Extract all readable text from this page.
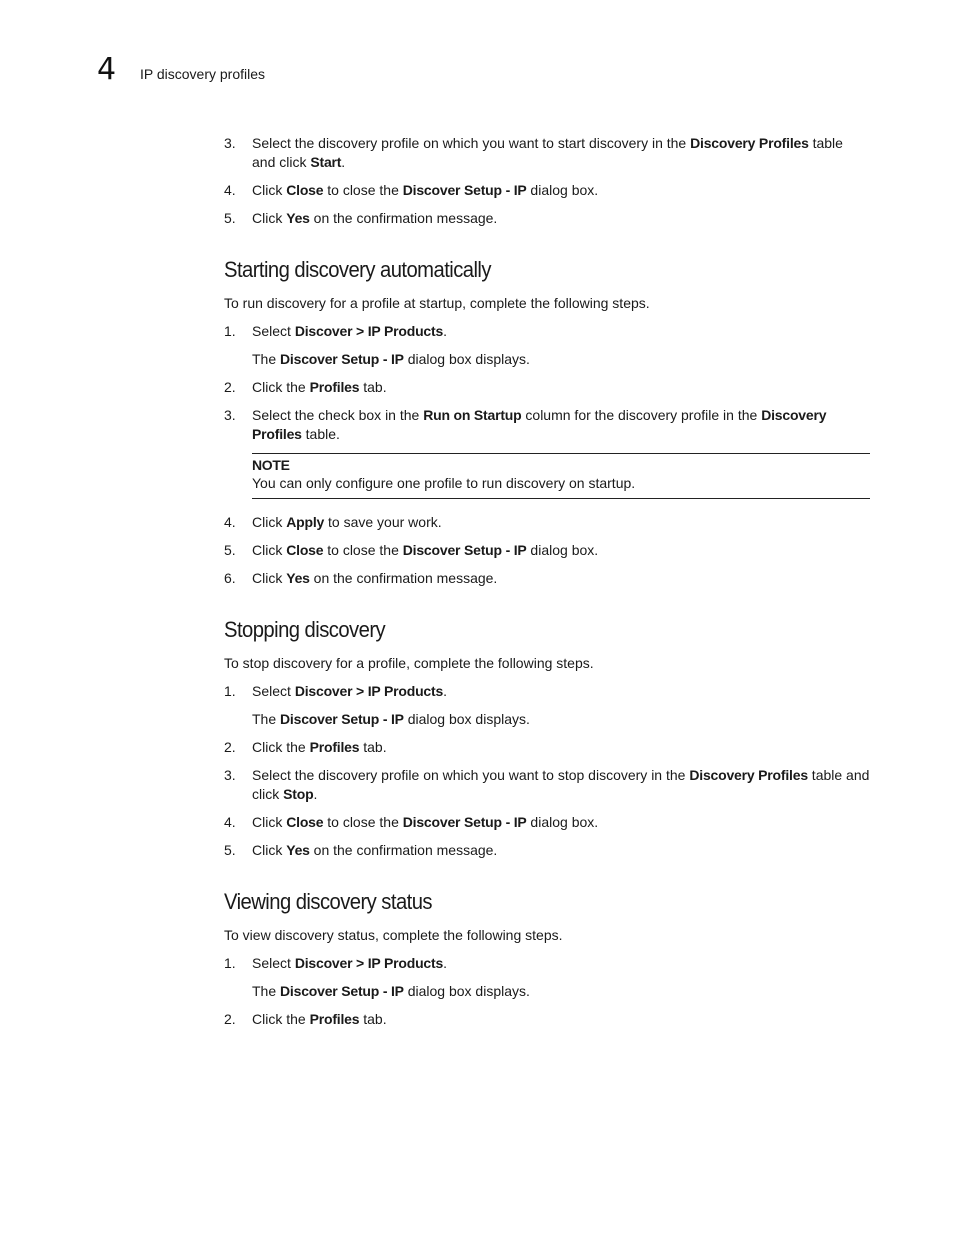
4 IP discovery profiles
3.	Select the discovery profile on which you want to start discovery in the Discovery Profiles table and click Start.
4.	Click Close to close the Discover Setup - IP dialog box.
5.	Click Yes on the confirmation message.
Starting discovery automatically

To run discovery for a profile at startup, complete the following steps.

1.	Select Discover > IP Products.

The Discover Setup - IP dialog box displays.

2.	Click the Profiles tab.
3.	Select the check box in the Run on Startup column for the discovery profile in the Discovery Profiles table.
NOTE
You can only configure one profile to run discovery on startup.
4.	Click Apply to save your work.
5.	Click Close to close the Discover Setup - IP dialog box.
6.	Click Yes on the confirmation message.
Stopping discovery

To stop discovery for a profile, complete the following steps.

1.	Select Discover > IP Products.

The Discover Setup - IP dialog box displays.

2.	Click the Profiles tab.
3.	Select the discovery profile on which you want to stop discovery in the Discovery Profiles table and click Stop.
4.	Click Close to close the Discover Setup - IP dialog box.
5.	Click Yes on the confirmation message.
Viewing discovery status

To view discovery status, complete the following steps.

1.	Select Discover > IP Products.

The Discover Setup - IP dialog box displays.

2.	Click the Profiles tab.
